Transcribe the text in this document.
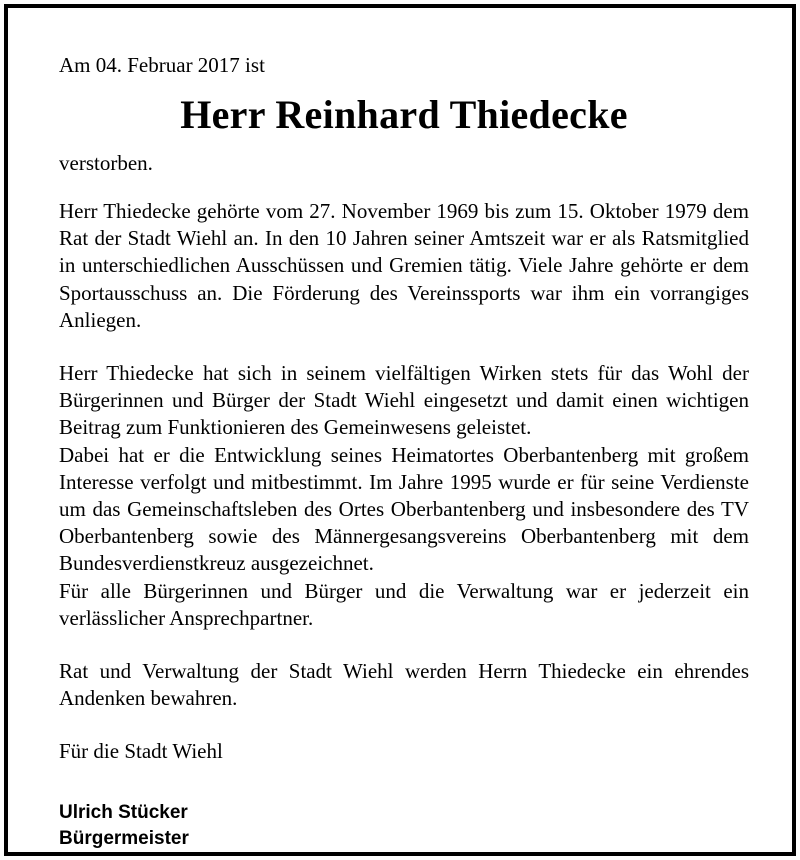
Am 04. Februar 2017 ist

Herr Reinhard Thiedecke

verstorben.

Herr Thiedecke gehörte vom 27. November 1969 bis zum 15. Oktober 1979 dem Rat der Stadt Wiehl an. In den 10 Jahren seiner Amtszeit war er als Ratsmitglied in unterschiedlichen Ausschüssen und Gremien tätig. Viele Jahre gehörte er dem Sportausschuss an. Die Förderung des Vereinssports war ihm ein vorrangiges Anliegen.

Herr Thiedecke hat sich in seinem vielfältigen Wirken stets für das Wohl der Bürgerinnen und Bürger der Stadt Wiehl eingesetzt und damit einen wichtigen Beitrag zum Funktionieren des Gemeinwesens geleistet.

Dabei hat er die Entwicklung seines Heimatortes Oberbantenberg mit großem Interesse verfolgt und mitbestimmt. Im Jahre 1995 wurde er für seine Verdienste um das Gemeinschaftsleben des Ortes Oberbantenberg und insbesondere des TV Oberbantenberg sowie des Männergesangsvereins Oberbantenberg mit dem Bundesverdienstkreuz ausgezeichnet.

Für alle Bürgerinnen und Bürger und die Verwaltung war er jederzeit ein verlässlicher Ansprechpartner.

Rat und Verwaltung der Stadt Wiehl werden Herrn Thiedecke ein ehrendes Andenken bewahren.

Für die Stadt Wiehl

Ulrich Stücker

Bürgermeister
